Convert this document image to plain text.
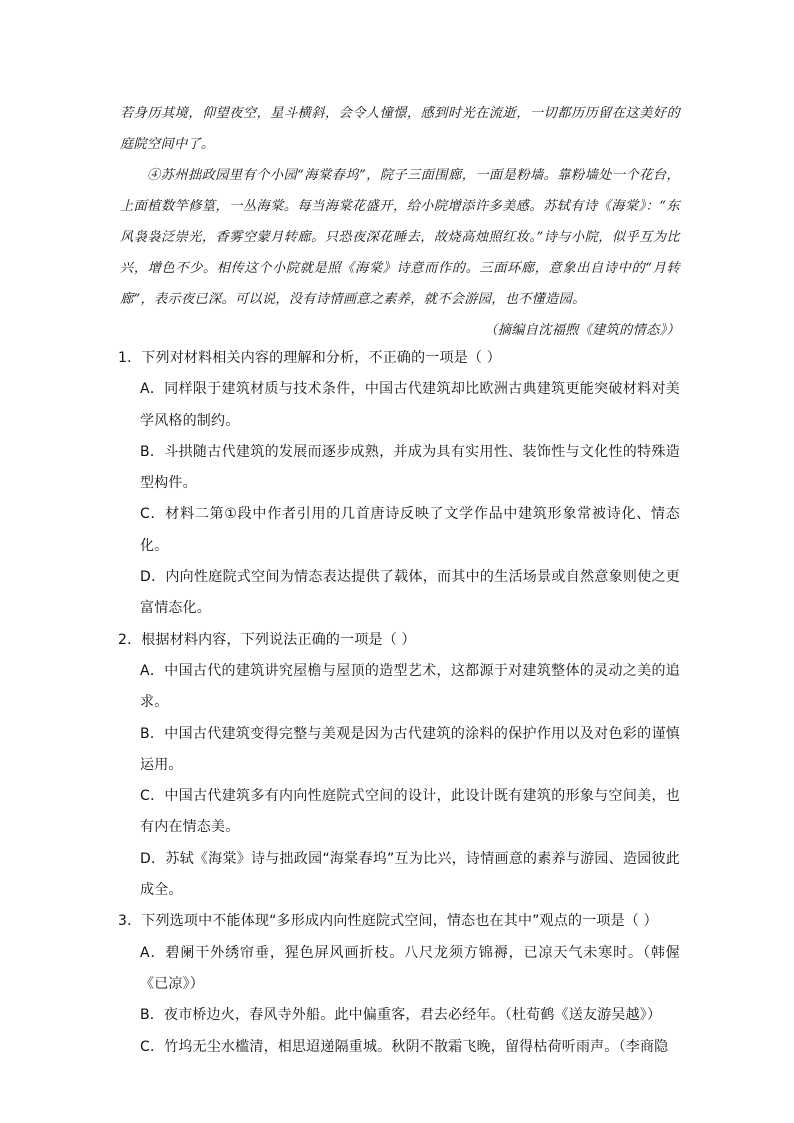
若身历其境，仰望夜空，星斗横斜，会令人憧憬，感到时光在流逝，一切都历历留在这美好的庭院空间中了。

④苏州拙政园里有个小园“海棠春坞”，院子三面围廊，一面是粉墙。靠粉墙处一个花台，上面植数竿修篁，一丛海棠。每当海棠花盛开，给小院增添许多美感。苏轼有诗《海棠》：“东风袅袅泛崇光，香雾空蒙月转廊。只恐夜深花睡去，故烧高烛照红妆。”诗与小院，似乎互为比兴，增色不少。相传这个小院就是照《海棠》诗意而作的。三面环廊，意象出自诗中的“月转廊”，表示夜已深。可以说，没有诗情画意之素养，就不会游园，也不懂造园。

（摘编自沈福煦《建筑的情态》）

1．下列对材料相关内容的理解和分析，不正确的一项是（ ）

A．同样限于建筑材质与技术条件，中国古代建筑却比欧洲古典建筑更能突破材料对美学风格的制约。

B．斗拱随古代建筑的发展而逐步成熟，并成为具有实用性、装饰性与文化性的特殊造型构件。

C．材料二第①段中作者引用的几首唐诗反映了文学作品中建筑形象常被诗化、情态化。

D．内向性庭院式空间为情态表达提供了载体，而其中的生活场景或自然意象则使之更富情态化。

2．根据材料内容，下列说法正确的一项是（ ）

A．中国古代的建筑讲究屋檐与屋顶的造型艺术，这都源于对建筑整体的灵动之美的追求。

B．中国古代建筑变得完整与美观是因为古代建筑的涂料的保护作用以及对色彩的谨慎运用。

C．中国古代建筑多有内向性庭院式空间的设计，此设计既有建筑的形象与空间美，也有内在情态美。

D．苏轼《海棠》诗与拙政园“海棠春坞”互为比兴，诗情画意的素养与游园、造园彼此成全。

3．下列选项中不能体现“多形成内向性庭院式空间，情态也在其中”观点的一项是（ ）

A．碧阑干外绣帘垂，猩色屏风画折枝。八尺龙须方锦褥，已凉天气未寒时。（韩偓《已凉》）

B．夜市桥边火，春风寺外船。此中偏重客，君去必经年。（杜荀鹤《送友游吴越》）

C．竹坞无尘水槛清，相思迢递隔重城。秋阴不散霜飞晚，留得枯荷听雨声。（李商隐
